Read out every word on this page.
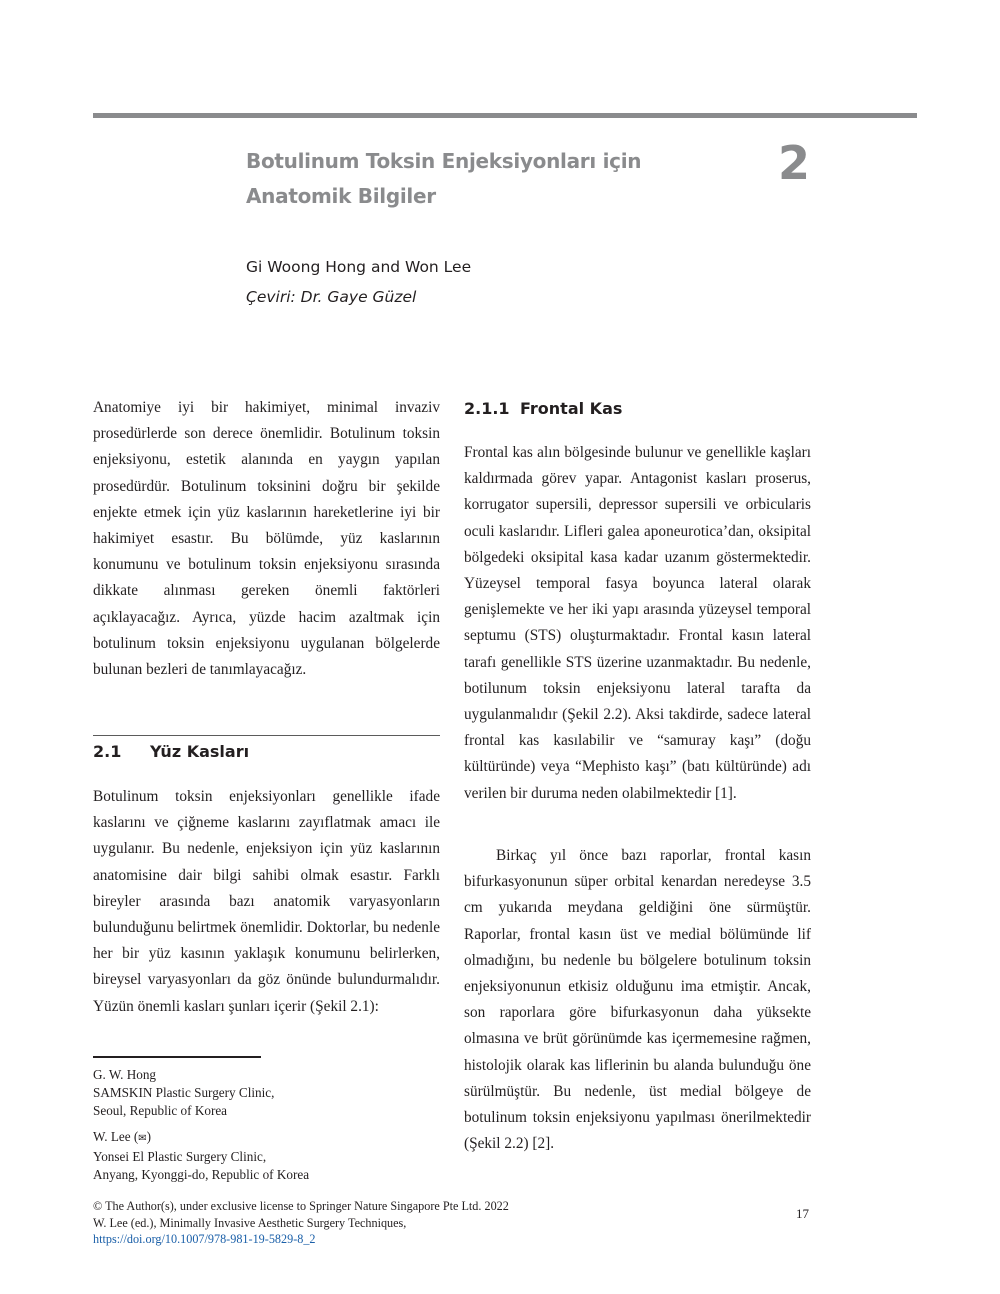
Botulinum Toksin Enjeksiyonları için
Anatomik Bilgiler
2
Gi Woong Hong and Won Lee
Çeviri: Dr. Gaye Güzel

Anatomiye iyi bir hakimiyet, minimal invaziv prosedürlerde son derece önemlidir. Botulinum toksin enjeksiyonu, estetik alanında en yaygın yapılan prosedürdür. Botulinum toksinini doğru bir şekilde enjekte etmek için yüz kaslarının hareketlerine iyi bir hakimiyet esastır. Bu bölümde, yüz kaslarının konumunu ve botulinum toksin enjeksiyonu sırasında dikkate alınması gereken önemli faktörleri açıklayacağız. Ayrıca, yüzde hacim azaltmak için botulinum toksin enjeksiyonu uygulanan bölgelerde bulunan bezleri de tanımlayacağız.

2.1 Yüz Kasları

Botulinum toksin enjeksiyonları genellikle ifade kaslarını ve çiğneme kaslarını zayıflatmak amacı ile uygulanır. Bu nedenle, enjeksiyon için yüz kaslarının anatomisine dair bilgi sahibi olmak esastır. Farklı bireyler arasında bazı anatomik varyasyonların bulunduğunu belirtmek önemlidir. Doktorlar, bu nedenle her bir yüz kasının yaklaşık konumunu belirlerken, bireysel varyasyonları da göz önünde bulundurmalıdır. Yüzün önemli kasları şunları içerir (Şekil 2.1):

G. W. Hong
SAMSKIN Plastic Surgery Clinic,
Seoul, Republic of Korea
W. Lee (✉)
Yonsei El Plastic Surgery Clinic,
Anyang, Kyonggi-do, Republic of Korea
2.1.1 Frontal Kas

Frontal kas alın bölgesinde bulunur ve genellikle kaşları kaldırmada görev yapar. Antagonist kasları proserus, korrugator supersili, depressor supersili ve orbicularis oculi kaslarıdır. Lifleri galea aponeurotica’dan, oksipital bölgedeki oksipital kasa kadar uzanım göstermektedir. Yüzeysel temporal fasya boyunca lateral olarak genişlemekte ve her iki yapı arasında yüzeysel temporal septumu (STS) oluşturmaktadır. Frontal kasın lateral tarafı genellikle STS üzerine uzanmaktadır. Bu nedenle, botilunum toksin enjeksiyonu lateral tarafta da uygulanmalıdır (Şekil 2.2). Aksi takdirde, sadece lateral frontal kas kasılabilir ve “samuray kaşı” (doğu kültüründe) veya “Mephisto kaşı” (batı kültüründe) adı verilen bir duruma neden olabilmektedir [1].

Birkaç yıl önce bazı raporlar, frontal kasın bifurkasyonunun süper orbital kenardan neredeyse 3.5 cm yukarıda meydana geldiğini öne sürmüştür. Raporlar, frontal kasın üst ve medial bölümünde lif olmadığını, bu nedenle bu bölgelere botulinum toksin enjeksiyonunun etkisiz olduğunu ima etmiştir. Ancak, son raporlara göre bifurkasyonun daha yüksekte olmasına ve brüt görünümde kas içermemesine rağmen, histolojik olarak kas liflerinin bu alanda bulunduğu öne sürülmüştür. Bu nedenle, üst medial bölgeye de botulinum toksin enjeksiyonu yapılması önerilmektedir (Şekil 2.2) [2].

© The Author(s), under exclusive license to Springer Nature Singapore Pte Ltd. 2022
W. Lee (ed.), Minimally Invasive Aesthetic Surgery Techniques,
https://doi.org/10.1007/978-981-19-5829-8_2
17
